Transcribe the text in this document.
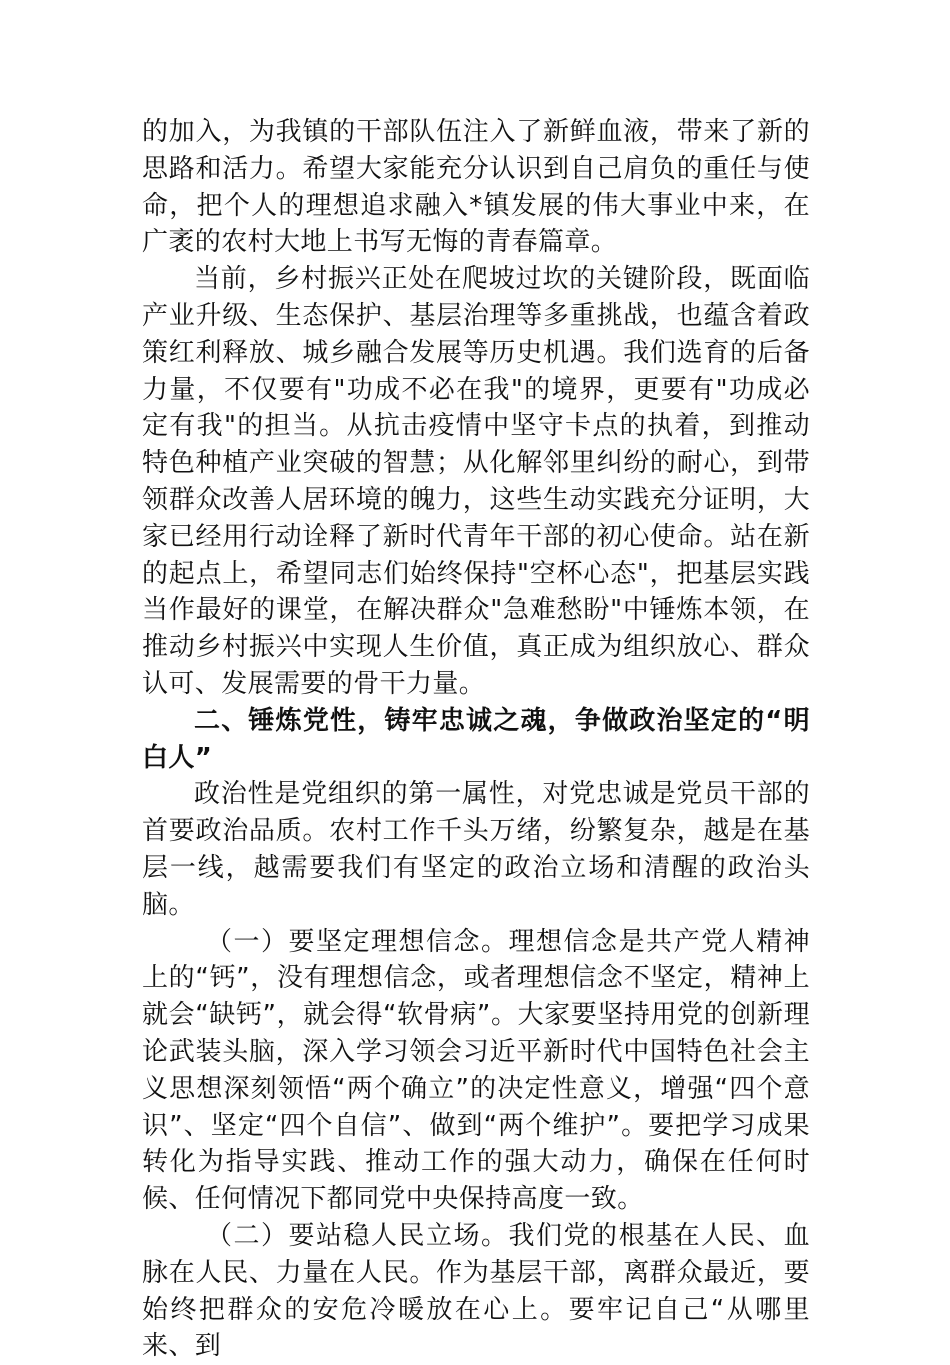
的加入，为我镇的干部队伍注入了新鲜血液，带来了新的思路和活力。希望大家能充分认识到自己肩负的重任与使命，把个人的理想追求融入*镇发展的伟大事业中来，在广袤的农村大地上书写无悔的青春篇章。

当前，乡村振兴正处在爬坡过坎的关键阶段，既面临产业升级、生态保护、基层治理等多重挑战，也蕴含着政策红利释放、城乡融合发展等历史机遇。我们选育的后备力量，不仅要有"功成不必在我"的境界，更要有"功成必定有我"的担当。从抗击疫情中坚守卡点的执着，到推动特色种植产业突破的智慧；从化解邻里纠纷的耐心，到带领群众改善人居环境的魄力，这些生动实践充分证明，大家已经用行动诠释了新时代青年干部的初心使命。站在新的起点上，希望同志们始终保持"空杯心态"，把基层实践当作最好的课堂，在解决群众"急难愁盼"中锤炼本领，在推动乡村振兴中实现人生价值，真正成为组织放心、群众认可、发展需要的骨干力量。

二、锤炼党性，铸牢忠诚之魂，争做政治坚定的“明白人”

政治性是党组织的第一属性，对党忠诚是党员干部的首要政治品质。农村工作千头万绪，纷繁复杂，越是在基层一线，越需要我们有坚定的政治立场和清醒的政治头脑。

（一）要坚定理想信念。理想信念是共产党人精神上的“钙”，没有理想信念，或者理想信念不坚定，精神上就会“缺钙”，就会得“软骨病”。大家要坚持用党的创新理论武装头脑，深入学习领会习近平新时代中国特色社会主义思想深刻领悟“两个确立”的决定性意义，增强“四个意识”、坚定“四个自信”、做到“两个维护”。要把学习成果转化为指导实践、推动工作的强大动力，确保在任何时候、任何情况下都同党中央保持高度一致。

（二）要站稳人民立场。我们党的根基在人民、血脉在人民、力量在人民。作为基层干部，离群众最近，要始终把群众的安危冷暖放在心上。要牢记自己“从哪里来、到
